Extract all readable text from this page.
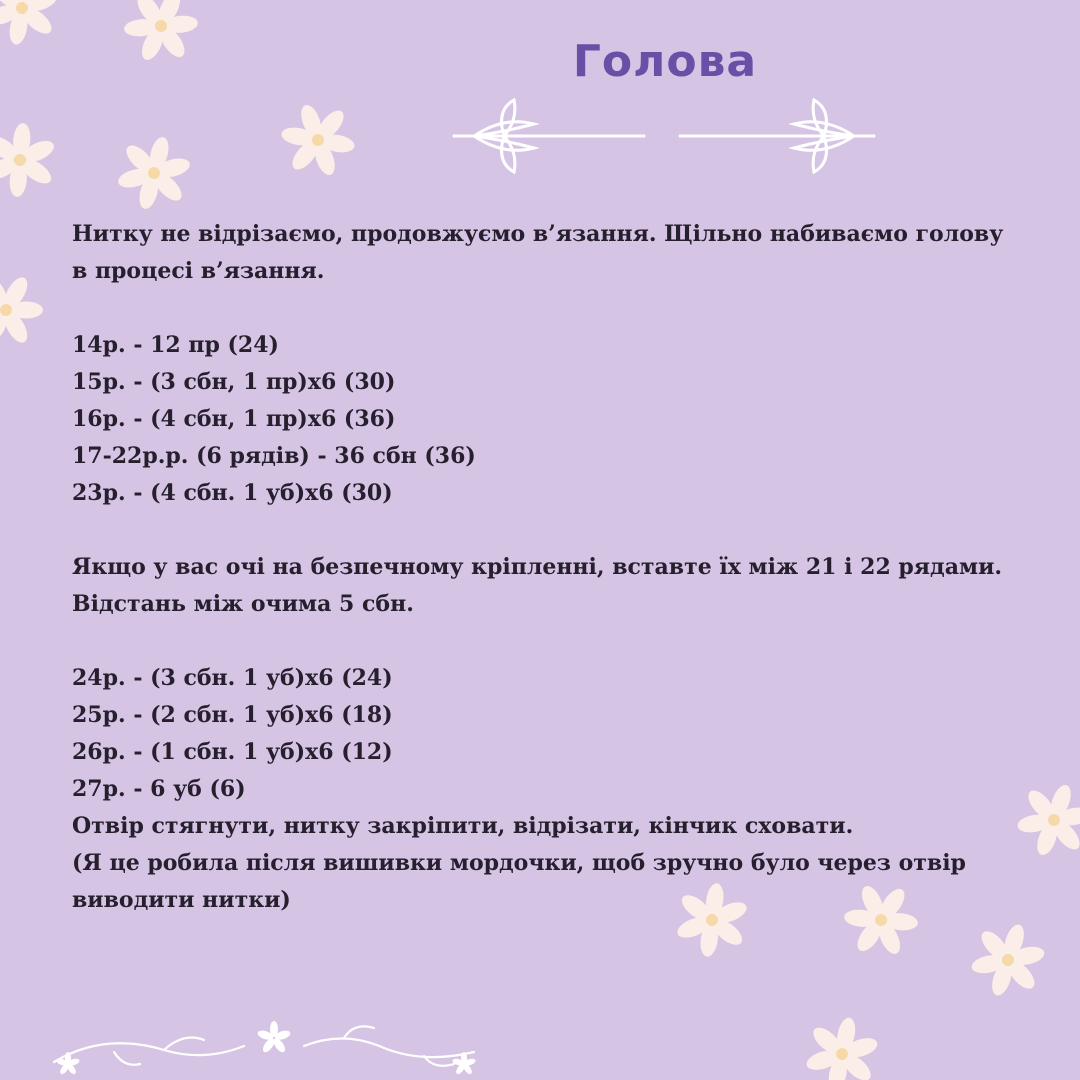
Голова

Нитку не відрізаємо, продовжуємо в’язання. Щільно набиваємо голову

в процесі в’язання.

14р. - 12 пр (24)

15р. - (3 сбн, 1 пр)х6 (30)

16р. - (4 сбн, 1 пр)х6 (36)

17-22р.р. (6 рядів) - 36 сбн (36)

23р. - (4 сбн. 1 уб)х6 (30)

Якщо у вас очі на безпечному кріпленні, вставте їх між 21 і 22 рядами.

Відстань між очима 5 сбн.

24р. - (3 сбн. 1 уб)х6 (24)

25р. - (2 сбн. 1 уб)х6 (18)

26р. - (1 сбн. 1 уб)х6 (12)

27р. - 6 уб (6)

Отвір стягнути, нитку закріпити, відрізати, кінчик сховати.

(Я це робила після вишивки мордочки, щоб зручно було через отвір

виводити нитки)
